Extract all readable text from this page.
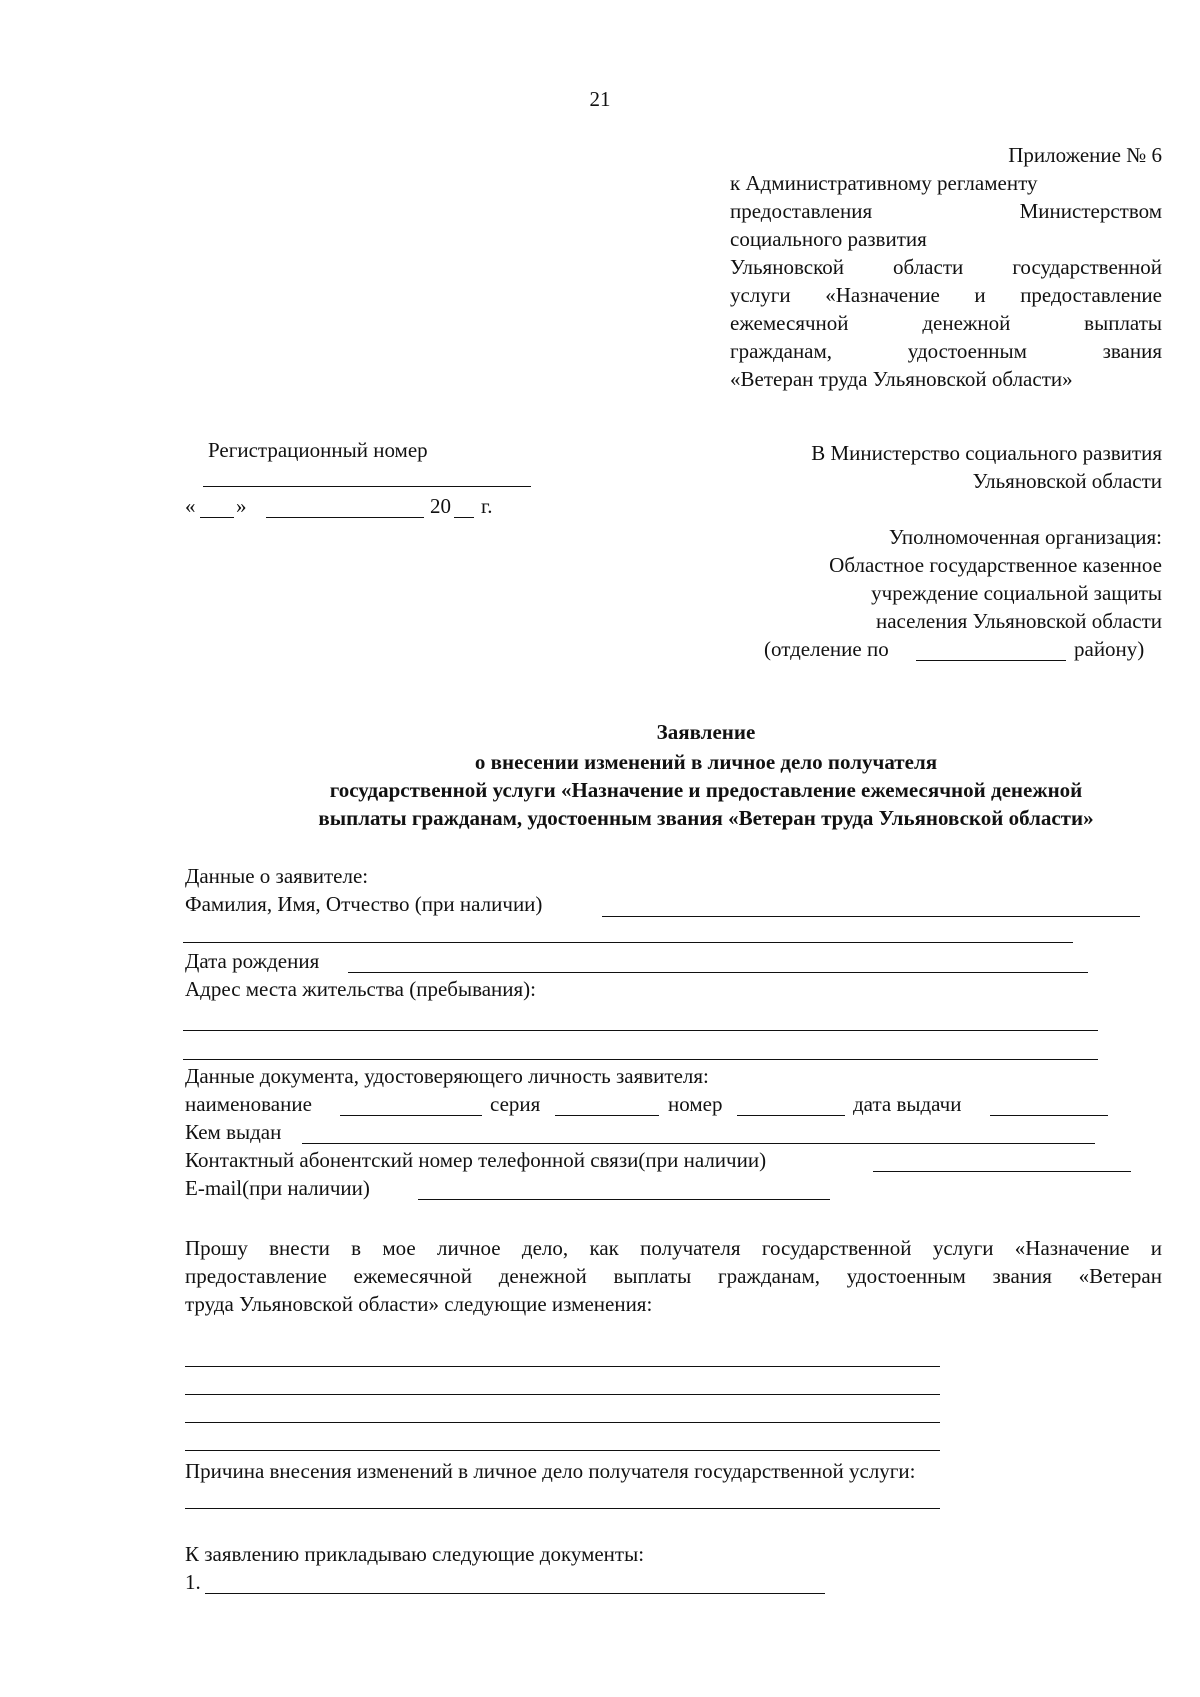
21
Приложение № 6
к Административному регламенту
предоставления Министерством
социального развития
Ульяновской области государственной
услуги «Назначение и предоставление
ежемесячной денежной выплаты
гражданам, удостоенным звания
«Ветеран труда Ульяновской области»
Регистрационный номер
« »	20 г.
В Министерство социального развития
Ульяновской области
Уполномоченная организация:
Областное государственное казенное
учреждение социальной защиты
населения Ульяновской области
(отделение по	району)
Заявление
о внесении изменений в личное дело получателя
государственной услуги «Назначение и предоставление ежемесячной денежной
выплаты гражданам, удостоенным звания «Ветеран труда Ульяновской области»
Данные о заявителе:
Фамилия, Имя, Отчество (при наличии)
Дата рождения
Адрес места жительства (пребывания):
Данные документа, удостоверяющего личность заявителя:
наименование	серия	номер	дата выдачи
Кем выдан
Контактный абонентский номер телефонной связи(при наличии)
E-mail(при наличии)
Прошу внести в мое личное дело, как получателя государственной услуги «Назначение и
предоставление ежемесячной денежной выплаты гражданам, удостоенным звания «Ветеран
труда Ульяновской области» следующие изменения:
Причина внесения изменений в личное дело получателя государственной услуги:
К заявлению прикладываю следующие документы:
1.
